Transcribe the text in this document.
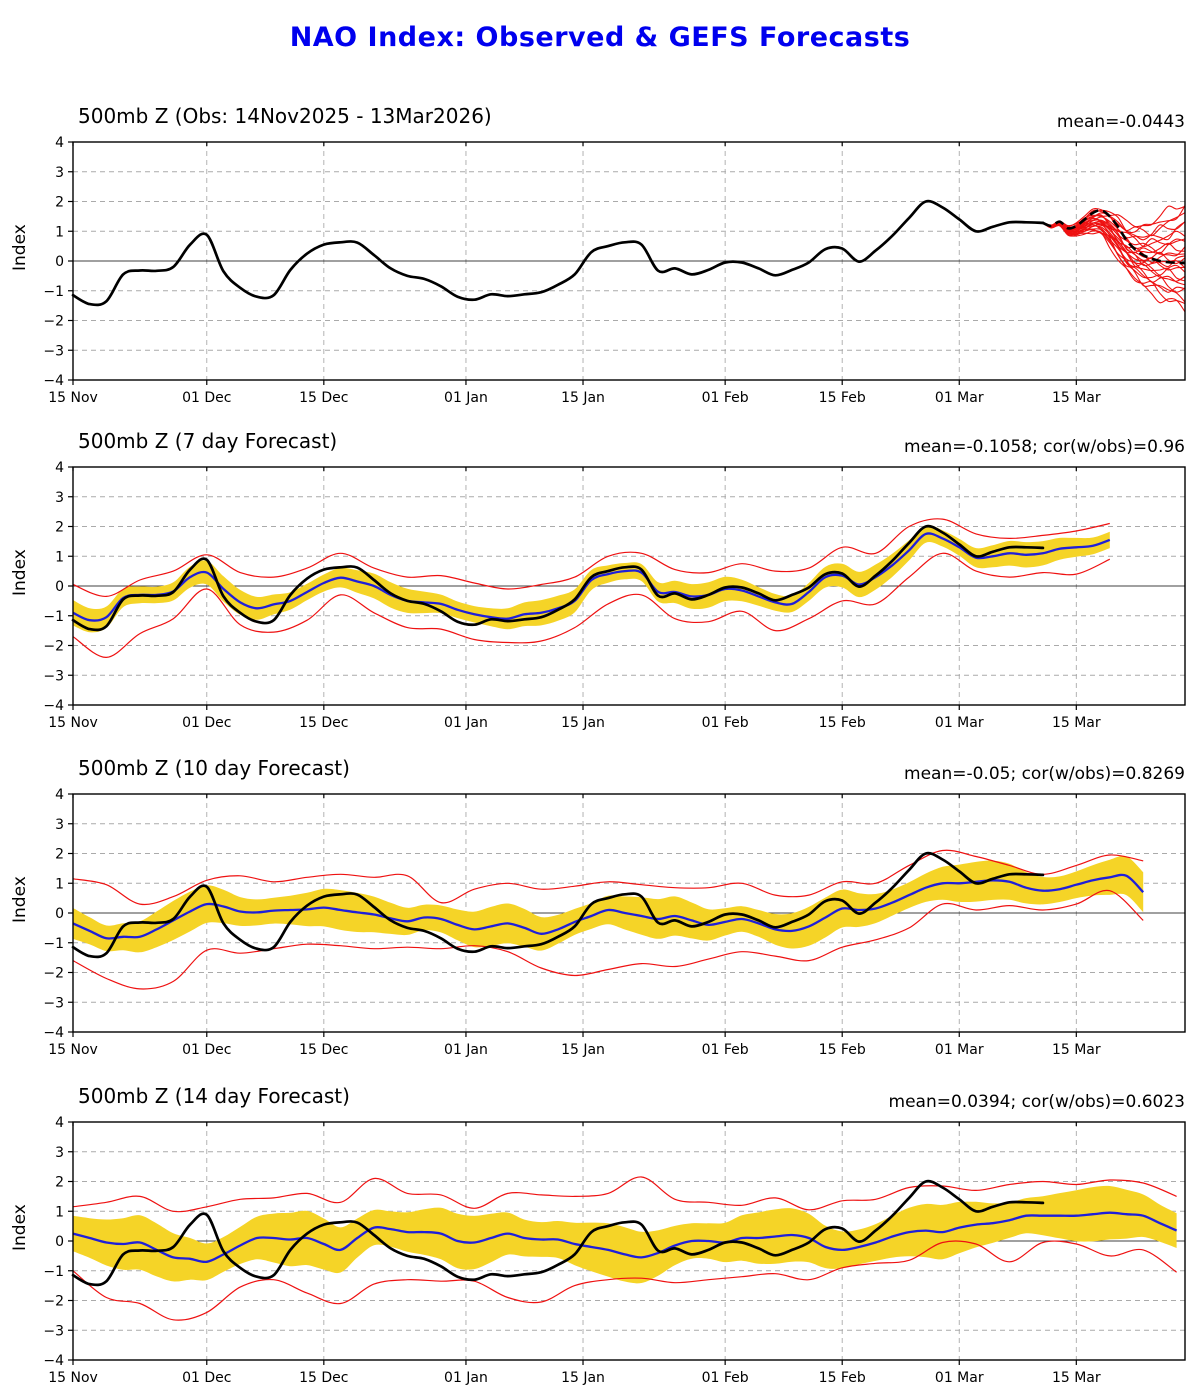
4
3
2
1
0
−1
−2
−3
−4
15 Nov	01 Dec	15 Dec	01 Jan	15 Jan	01 Feb	15 Feb	01 Mar	15 Mar
4
3
2
1
0
−1
−2
−3
−4
15 Nov	01 Dec	15 Dec	01 Jan	15 Jan	01 Feb	15 Feb	01 Mar	15 Mar
4
3
2
1
0
−1
−2
−3
−4
15 Nov	01 Dec	15 Dec	01 Jan	15 Jan	01 Feb	15 Feb	01 Mar	15 Mar
4
3
2
1
0
−1
−2
−3
−4
15 Nov	01 Dec	15 Dec	01 Jan	15 Jan	01 Feb	15 Feb	01 Mar	15 Mar
NAO Index: Observed & GEFS Forecasts
500mb Z (Obs: 14Nov2025 - 13Mar2026)	mean=-0.0443
Index
500mb Z (7 day Forecast)	mean=-0.1058; cor(w/obs)=0.96
Index
500mb Z (10 day Forecast)	mean=-0.05; cor(w/obs)=0.8269
Index
500mb Z (14 day Forecast)	mean=0.0394; cor(w/obs)=0.6023
Index
